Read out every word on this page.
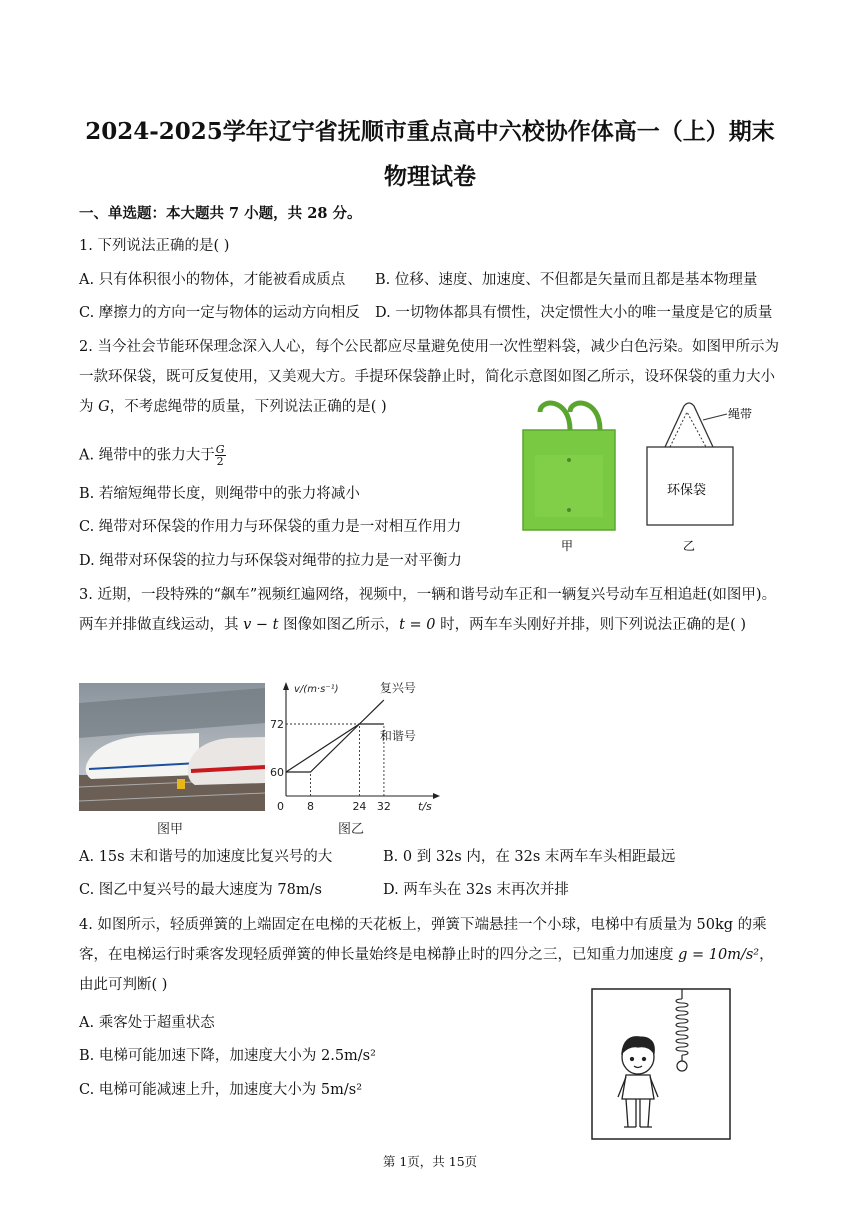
2024-2025学年辽宁省抚顺市重点高中六校协作体高一（上）期末
物理试卷
一、单选题：本大题共 7 小题，共 28 分。
1. 下列说法正确的是( )
A. 只有体积很小的物体，才能被看成质点 B. 位移、速度、加速度、不但都是矢量而且都是基本物理量
C. 摩擦力的方向一定与物体的运动方向相反 D. 一切物体都具有惯性，决定惯性大小的唯一量度是它的质量
2. 当今社会节能环保理念深入人心，每个公民都应尽量避免使用一次性塑料袋，减少白色污染。如图甲所示为一款环保袋，既可反复使用，又美观大方。手提环保袋静止时，简化示意图如图乙所示，设环保袋的重力大小为 G，不考虑绳带的质量，下列说法正确的是( )
A. 绳带中的张力大于 $\frac{G}{2}$
B. 若缩短绳带长度，则绳带中的张力将减小
C. 绳带对环保袋的作用力与环保袋的重力是一对相互作用力
D. 绳带对环保袋的拉力与环保袋对绳带的拉力是一对平衡力
甲
绳带
环保袋
乙
3. 近期，一段特殊的“飙车”视频红遍网络，视频中，一辆和谐号动车正和一辆复兴号动车互相追赶(如图甲)。两车并排做直线运动，其 v − t 图像如图乙所示，t = 0 时，两车车头刚好并排，则下列说法正确的是( )
复兴号
和谐号
0 8	24 32
60
72
v/(m·s⁻¹)
t/s
图甲	图乙
A. 15s 末和谐号的加速度比复兴号的大	B. 0 到 32s 内，在 32s 末两车车头相距最远
C. 图乙中复兴号的最大速度为 78m/s	D. 两车头在 32s 末再次并排
4. 如图所示，轻质弹簧的上端固定在电梯的天花板上，弹簧下端悬挂一个小球，电梯中有质量为 50kg 的乘客，在电梯运行时乘客发现轻质弹簧的伸长量始终是电梯静止时的四分之三，已知重力加速度 g = 10m/s²，由此可判断( )
A. 乘客处于超重状态
B. 电梯可能加速下降，加速度大小为 2.5m/s²
C. 电梯可能减速上升，加速度大小为 5m/s²
第 1页，共 15页
